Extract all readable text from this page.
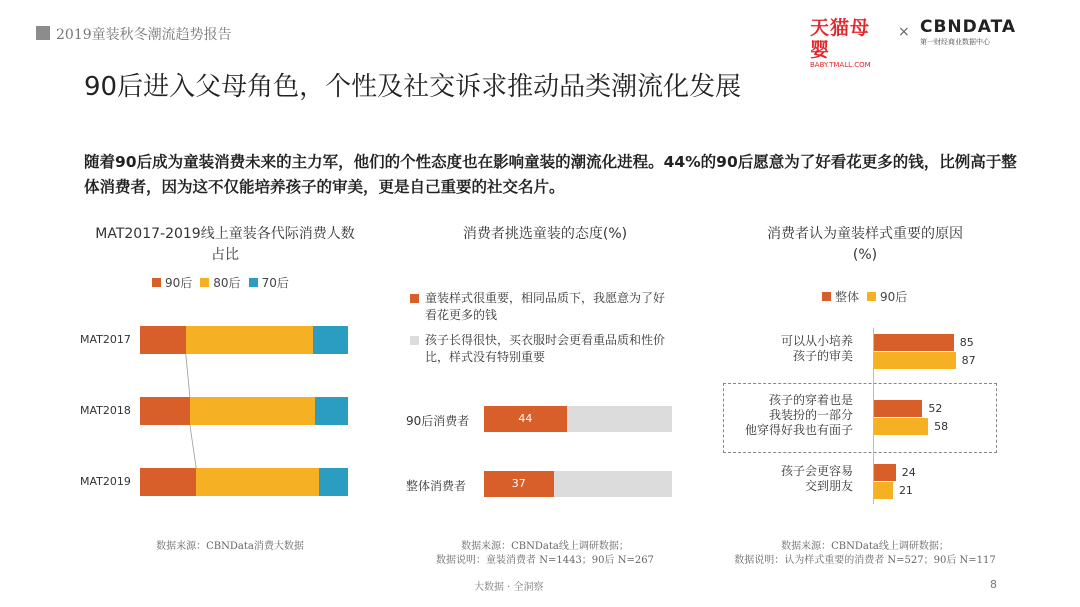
2019童装秋冬潮流趋势报告	天猫母婴
BABY.TMALL.COM
× CBNDATA
第一财经商业数据中心
90后进入父母角色，个性及社交诉求推动品类潮流化发展
随着90后成为童装消费未来的主力军，他们的个性态度也在影响童装的潮流化进程。44%的90后愿意为了好看花更多的钱，比例高于整体消费者，因为这不仅能培养孩子的审美，更是自己重要的社交名片。
MAT2017-2019线上童装各代际消费人数占比
90后 80后 70后
MAT2017
MAT2018
MAT2019
数据来源：CBNData消费大数据
消费者挑选童装的态度(%)
童装样式很重要，相同品质下，我愿意为了好看花更多的钱
孩子长得很快，买衣服时会更看重品质和性价比，样式没有特别重要
90后消费者	44
整体消费者	37
数据来源：CBNData线上调研数据；
数据说明：童装消费者 N=1443；90后 N=267
消费者认为童装样式重要的原因
(%)
整体 90后
可以从小培养
孩子的审美
85
87
孩子的穿着也是
我装扮的一部分
他穿得好我也有面子
52
58
孩子会更容易
交到朋友
24
21
数据来源：CBNData线上调研数据；
数据说明：认为样式重要的消费者 N=527；90后 N=117
大数据 · 全洞察	8
